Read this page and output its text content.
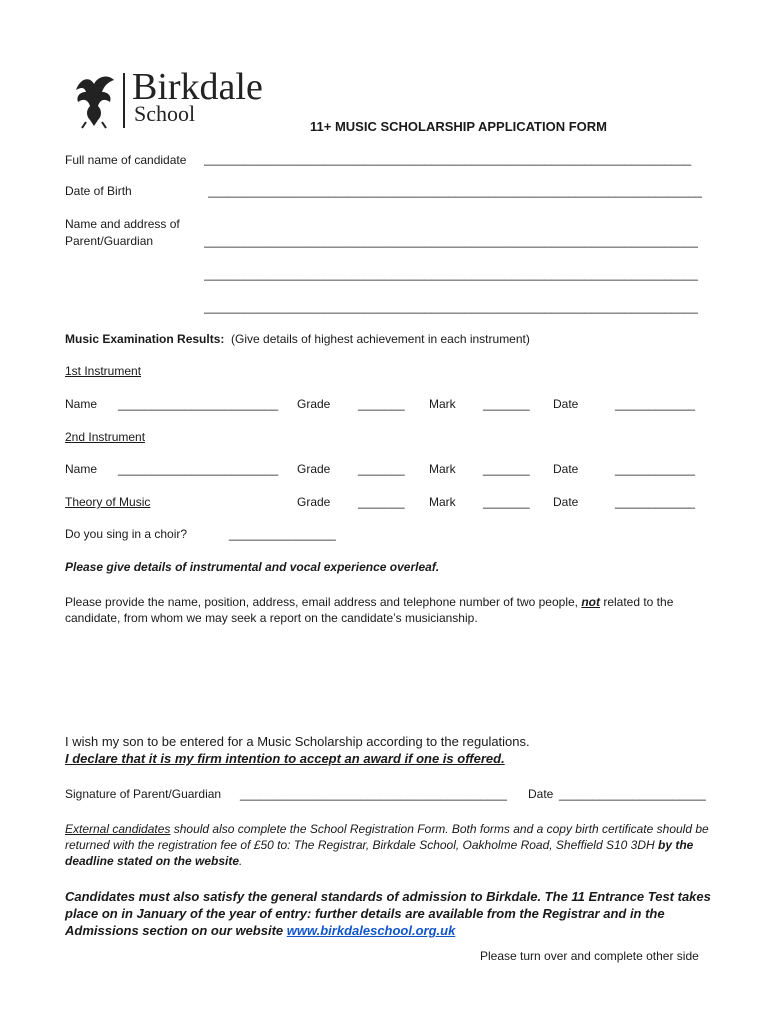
Birkdale
School
11+ MUSIC SCHOLARSHIP APPLICATION FORM
Full name of candidate _________________________________________________________________________
Date of Birth	__________________________________________________________________________
Name and address of
Parent/Guardian	__________________________________________________________________________
__________________________________________________________________________
__________________________________________________________________________
Music Examination Results: (Give details of highest achievement in each instrument)
1st Instrument
Name ________________________ Grade _______ Mark _______ Date	____________
2nd Instrument
Name ________________________ Grade _______ Mark _______ Date	____________
Theory of Music	Grade _______ Mark _______ Date	____________
Do you sing in a choir?	________________
Please give details of instrumental and vocal experience overleaf.
Please provide the name, position, address, email address and telephone number of two people, not related to the candidate, from whom we may seek a report on the candidate’s musicianship.
I wish my son to be entered for a Music Scholarship according to the regulations.
I declare that it is my firm intention to accept an award if one is offered.
Signature of Parent/Guardian ________________________________________ Date ______________________
External candidates should also complete the School Registration Form. Both forms and a copy birth certificate should be returned with the registration fee of £50 to: The Registrar, Birkdale School, Oakholme Road, Sheffield S10 3DH by the deadline stated on the website.
Candidates must also satisfy the general standards of admission to Birkdale. The 11 Entrance Test takes place on in January of the year of entry: further details are available from the Registrar and in the Admissions section on our website www.birkdaleschool.org.uk
Please turn over and complete other side
